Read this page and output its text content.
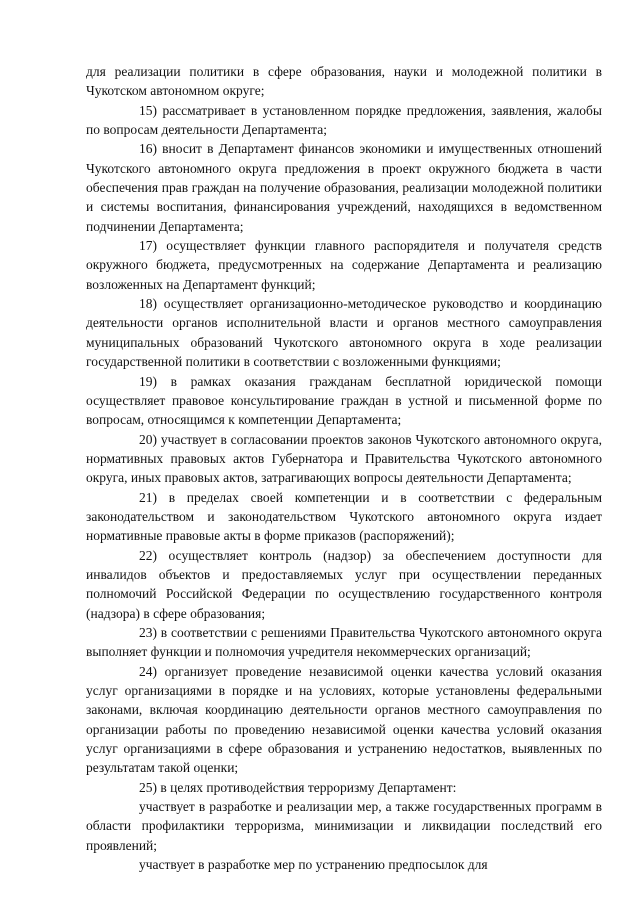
для реализации политики в сфере образования, науки и молодежной политики в Чукотском автономном округе;

15) рассматривает в установленном порядке предложения, заявления, жалобы по вопросам деятельности Департамента;

16) вносит в Департамент финансов экономики и имущественных отношений Чукотского автономного округа предложения в проект окружного бюджета в части обеспечения прав граждан на получение образования, реализации молодежной политики и системы воспитания, финансирования учреждений, находящихся в ведомственном подчинении Департамента;

17) осуществляет функции главного распорядителя и получателя средств окружного бюджета, предусмотренных на содержание Департамента и реализацию возложенных на Департамент функций;

18) осуществляет организационно-методическое руководство и координацию деятельности органов исполнительной власти и органов местного самоуправления муниципальных образований Чукотского автономного округа в ходе реализации государственной политики в соответствии с возложенными функциями;

19) в рамках оказания гражданам бесплатной юридической помощи осуществляет правовое консультирование граждан в устной и письменной форме по вопросам, относящимся к компетенции Департамента;

20) участвует в согласовании проектов законов Чукотского автономного округа, нормативных правовых актов Губернатора и Правительства Чукотского автономного округа, иных правовых актов, затрагивающих вопросы деятельности Департамента;

21) в пределах своей компетенции и в соответствии с федеральным законодательством и законодательством Чукотского автономного округа издает нормативные правовые акты в форме приказов (распоряжений);

22) осуществляет контроль (надзор) за обеспечением доступности для инвалидов объектов и предоставляемых услуг при осуществлении переданных полномочий Российской Федерации по осуществлению государственного контроля (надзора) в сфере образования;

23) в соответствии с решениями Правительства Чукотского автономного округа выполняет функции и полномочия учредителя некоммерческих организаций;

24) организует проведение независимой оценки качества условий оказания услуг организациями в порядке и на условиях, которые установлены федеральными законами, включая координацию деятельности органов местного самоуправления по организации работы по проведению независимой оценки качества условий оказания услуг организациями в сфере образования и устранению недостатков, выявленных по результатам такой оценки;

25) в целях противодействия терроризму Департамент:

участвует в разработке и реализации мер, а также государственных программ в области профилактики терроризма, минимизации и ликвидации последствий его проявлений;

участвует в разработке мер по устранению предпосылок для
